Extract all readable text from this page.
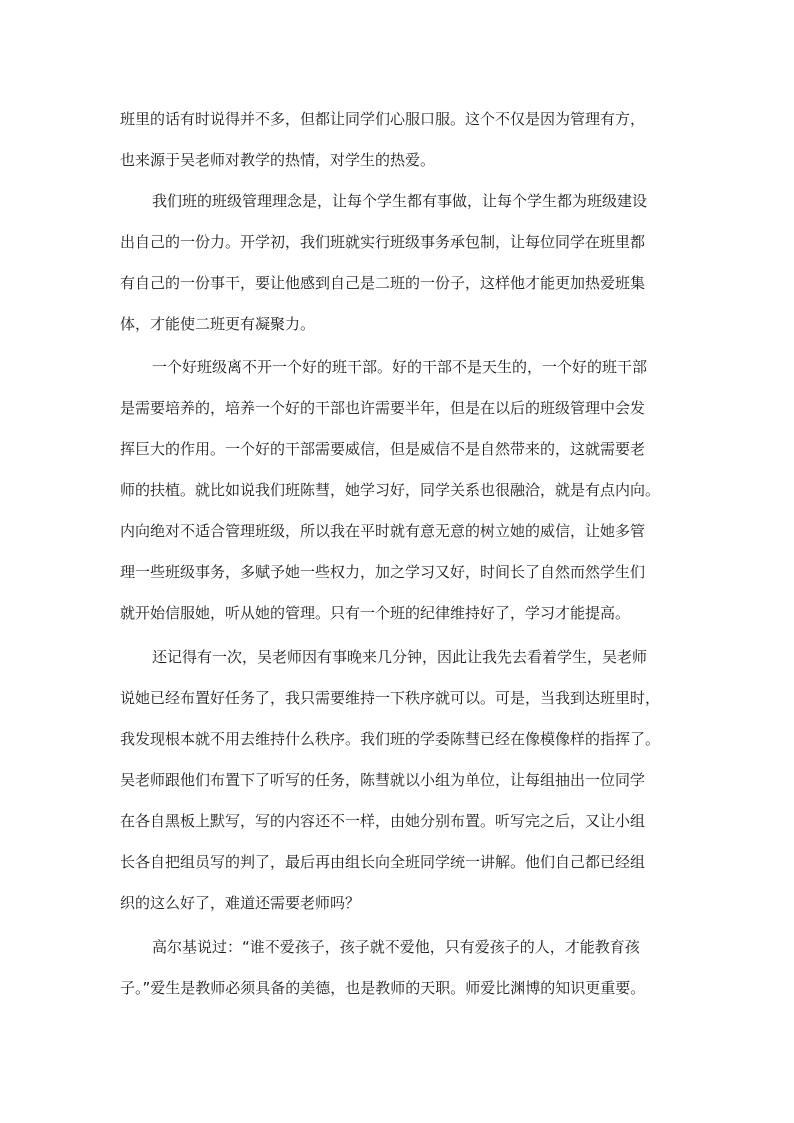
班里的话有时说得并不多，但都让同学们心服口服。这个不仅是因为管理有方，
也来源于吴老师对教学的热情，对学生的热爱。
我们班的班级管理理念是，让每个学生都有事做，让每个学生都为班级建设
出自己的一份力。开学初，我们班就实行班级事务承包制，让每位同学在班里都
有自己的一份事干，要让他感到自己是二班的一份子，这样他才能更加热爱班集
体，才能使二班更有凝聚力。
一个好班级离不开一个好的班干部。好的干部不是天生的，一个好的班干部
是需要培养的，培养一个好的干部也许需要半年，但是在以后的班级管理中会发
挥巨大的作用。一个好的干部需要威信，但是威信不是自然带来的，这就需要老
师的扶植。就比如说我们班陈彗，她学习好，同学关系也很融洽，就是有点内向。
内向绝对不适合管理班级，所以我在平时就有意无意的树立她的威信，让她多管
理一些班级事务，多赋予她一些权力，加之学习又好，时间长了自然而然学生们
就开始信服她，听从她的管理。只有一个班的纪律维持好了，学习才能提高。
还记得有一次，吴老师因有事晚来几分钟，因此让我先去看着学生，吴老师
说她已经布置好任务了，我只需要维持一下秩序就可以。可是，当我到达班里时，
我发现根本就不用去维持什么秩序。我们班的学委陈彗已经在像模像样的指挥了。
吴老师跟他们布置下了听写的任务，陈彗就以小组为单位，让每组抽出一位同学
在各自黑板上默写，写的内容还不一样，由她分别布置。听写完之后，又让小组
长各自把组员写的判了，最后再由组长向全班同学统一讲解。他们自己都已经组
织的这么好了，难道还需要老师吗？
高尔基说过：“谁不爱孩子，孩子就不爱他，只有爱孩子的人，才能教育孩
子。”爱生是教师必须具备的美德，也是教师的天职。师爱比渊博的知识更重要。
